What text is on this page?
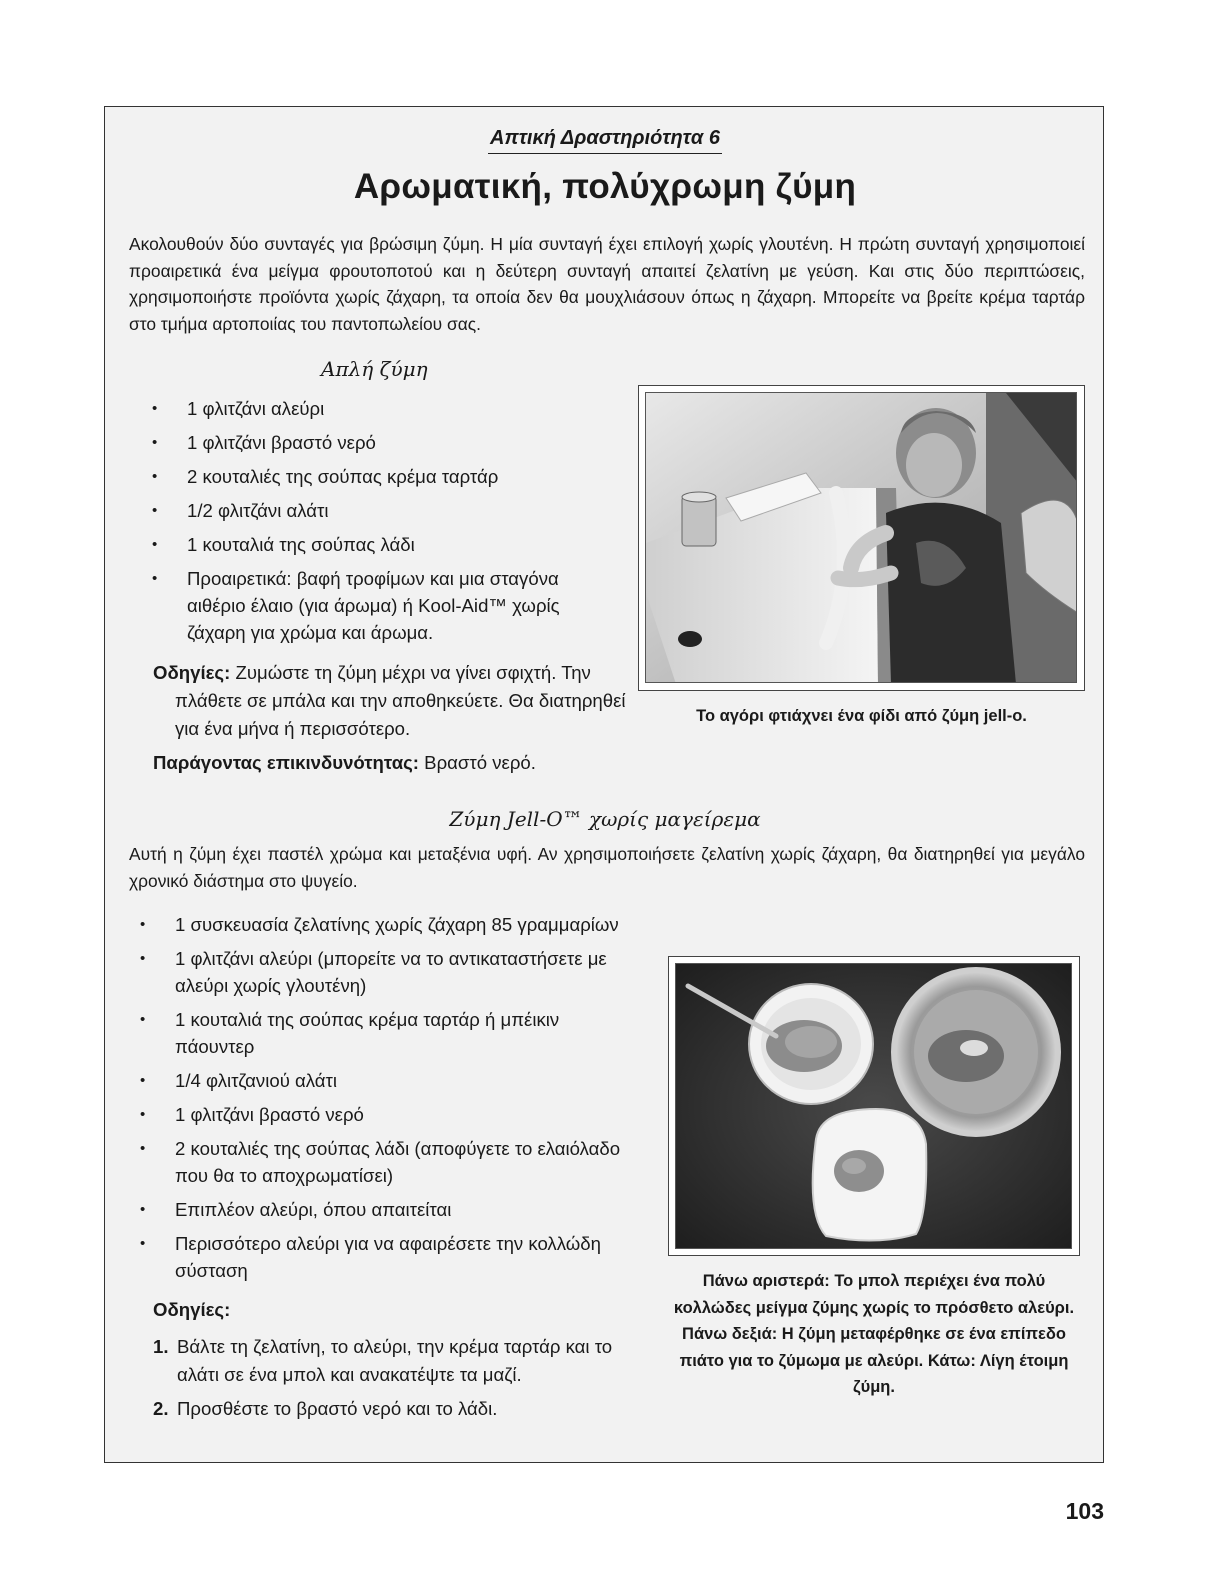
Απτική Δραστηριότητα 6
Αρωματική, πολύχρωμη ζύμη
Ακολουθούν δύο συνταγές για βρώσιμη ζύμη. Η μία συνταγή έχει επιλογή χωρίς γλουτένη. Η πρώτη συνταγή χρησιμοποιεί προαιρετικά ένα μείγμα φρουτοποτού και η δεύτερη συνταγή απαιτεί ζελατίνη με γεύση. Και στις δύο περιπτώσεις, χρησιμοποιήστε προϊόντα χωρίς ζάχαρη, τα οποία δεν θα μουχλιάσουν όπως η ζάχαρη. Μπορείτε να βρείτε κρέμα ταρτάρ στο τμήμα αρτοποιίας του παντοπωλείου σας.
Απλή ζύμη
• 1 φλιτζάνι αλεύρι
• 1 φλιτζάνι βραστό νερό
• 2 κουταλιές της σούπας κρέμα ταρτάρ
• 1/2 φλιτζάνι αλάτι
• 1 κουταλιά της σούπας λάδι
• Προαιρετικά: βαφή τροφίμων και μια σταγόνα αιθέριο έλαιο (για άρωμα) ή Kool-Aid™ χωρίς ζάχαρη για χρώμα και άρωμα.
Οδηγίες: Ζυμώστε τη ζύμη μέχρι να γίνει σφιχτή. Την πλάθετε σε μπάλα και την αποθηκεύετε. Θα διατηρηθεί για ένα μήνα ή περισσότερο.
Παράγοντας επικινδυνότητας: Βραστό νερό.
Το αγόρι φτιάχνει ένα φίδι από ζύμη jell-o.
Ζύμη Jell-O™ χωρίς μαγείρεμα
Αυτή η ζύμη έχει παστέλ χρώμα και μεταξένια υφή. Αν χρησιμοποιήσετε ζελατίνη χωρίς ζάχαρη, θα διατηρηθεί για μεγάλο χρονικό διάστημα στο ψυγείο.
• 1 συσκευασία ζελατίνης χωρίς ζάχαρη 85 γραμμαρίων
• 1 φλιτζάνι αλεύρι (μπορείτε να το αντικαταστήσετε με αλεύρι χωρίς γλουτένη)
• 1 κουταλιά της σούπας κρέμα ταρτάρ ή μπέικιν πάουντερ
• 1/4 φλιτζανιού αλάτι
• 1 φλιτζάνι βραστό νερό
• 2 κουταλιές της σούπας λάδι (αποφύγετε το ελαιόλαδο που θα το αποχρωματίσει)
• Επιπλέον αλεύρι, όπου απαιτείται
• Περισσότερο αλεύρι για να αφαιρέσετε την κολλώδη σύσταση
Οδηγίες:
1. Βάλτε τη ζελατίνη, το αλεύρι, την κρέμα ταρτάρ και το αλάτι σε ένα μπολ και ανακατέψτε τα μαζί.
2. Προσθέστε το βραστό νερό και το λάδι.
Πάνω αριστερά: Το μπολ περιέχει ένα πολύ κολλώδες μείγμα ζύμης χωρίς το πρόσθετο αλεύρι. Πάνω δεξιά: Η ζύμη μεταφέρθηκε σε ένα επίπεδο πιάτο για το ζύμωμα με αλεύρι. Κάτω: Λίγη έτοιμη ζύμη.
103
